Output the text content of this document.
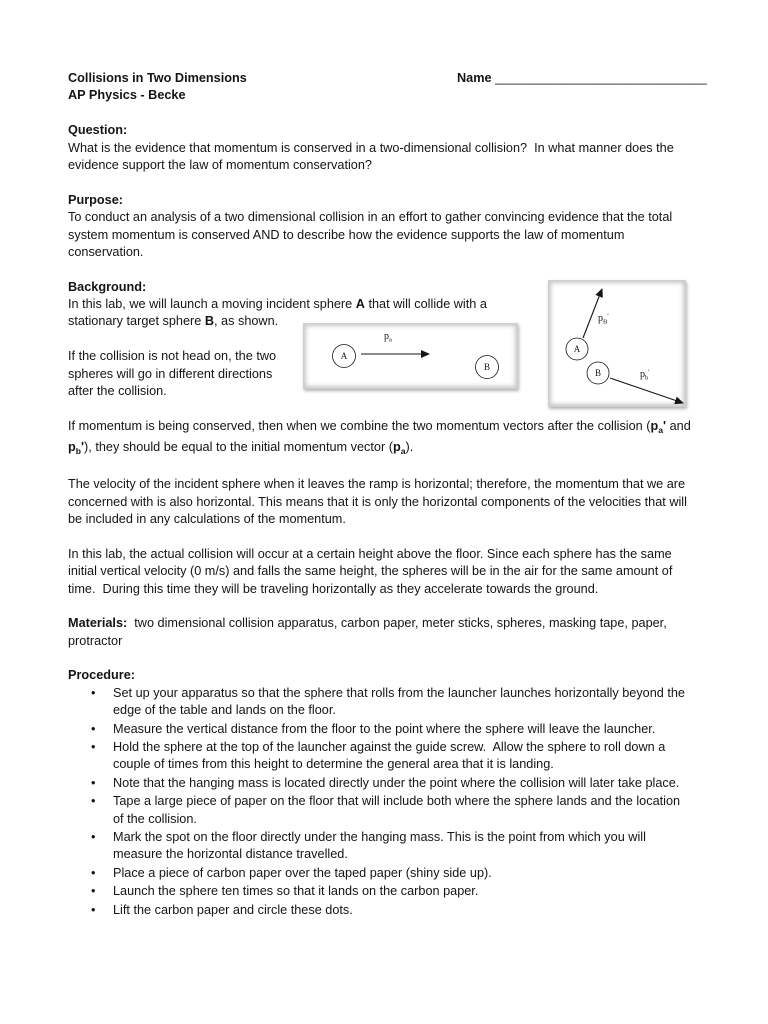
Collisions in Two Dimensions	Name ______________________________
AP Physics - Becke
Question:
What is the evidence that momentum is conserved in a two-dimensional collision?  In what manner does the
evidence support the law of momentum conservation?
Purpose:
To conduct an analysis of a two dimensional collision in an effort to gather convincing evidence that the total
system momentum is conserved AND to describe how the evidence supports the law of momentum
conservation.
Background:
In this lab, we will launch a moving incident sphere A that will collide with a
stationary target sphere B, as shown.
If the collision is not head on, the two
spheres will go in different directions
after the collision.
If momentum is being conserved, then when we combine the two momentum vectors after the collision ($p_a'$ and
$p_b'$), they should be equal to the initial momentum vector $(p_a)$.
The velocity of the incident sphere when it leaves the ramp is horizontal; therefore, the momentum that we are
concerned with is also horizontal. This means that it is only the horizontal components of the velocities that will
be included in any calculations of the momentum.
In this lab, the actual collision will occur at a certain height above the floor. Since each sphere has the same
initial vertical velocity (0 m/s) and falls the same height, the spheres will be in the air for the same amount of
time.  During this time they will be traveling horizontally as they accelerate towards the ground.
Materials:  two dimensional collision apparatus, carbon paper, meter sticks, spheres, masking tape, paper,
protractor
Procedure:
• Set up your apparatus so that the sphere that rolls from the launcher launches horizontally beyond the
edge of the table and lands on the floor.
• Measure the vertical distance from the floor to the point where the sphere will leave the launcher.
• Hold the sphere at the top of the launcher against the guide screw.  Allow the sphere to roll down a
couple of times from this height to determine the general area that it is landing.
• Note that the hanging mass is located directly under the point where the collision will later take place.
• Tape a large piece of paper on the floor that will include both where the sphere lands and the location
of the collision.
• Mark the spot on the floor directly under the hanging mass. This is the point from which you will
measure the horizontal distance travelled.
• Place a piece of carbon paper over the taped paper (shiny side up).
• Launch the sphere ten times so that it lands on the carbon paper.
• Lift the carbon paper and circle these dots.
A
$p_a$
B
$p_B'$
A
B	$p_b'$
